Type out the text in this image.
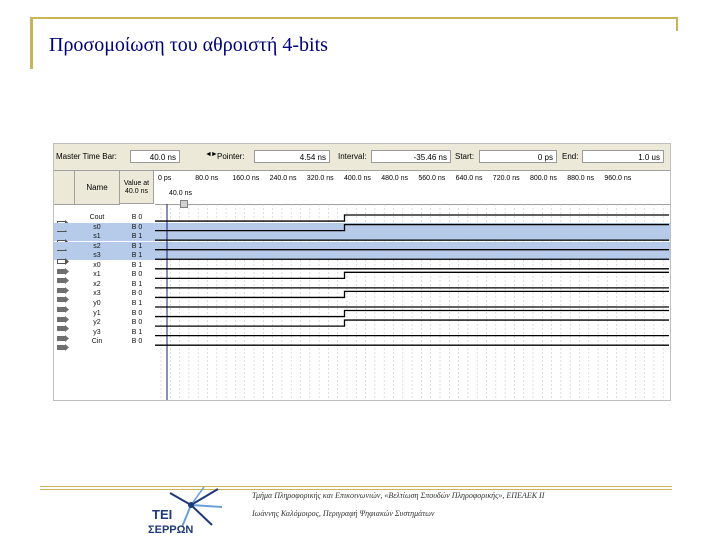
Προσομοίωση του αθροιστή 4-bits
Master Time Bar:	40.0 ns	◄► Pointer:	4.54 ns	Interval:	-35.46 ns	Start:	0 ps	End:	1.0 us
Name	Value at
40.0 ns	40.0 ns
0 ps	80.0 ns 160.0 ns 240.0 ns 320.0 ns 400.0 ns 480.0 ns 560.0 ns 640.0 ns 720.0 ns 800.0 ns 880.0 ns 960.0 ns
Cout	B 0
s0	B 0
s1	B 1
s2	B 1
s3	B 1
x0	B 1
x1	B 0
x2	B 1
x3	B 0
y0	B 1
y1	B 0
y2	B 0
y3	B 1
Cin	B 0
ΤΕΙ
ΣΕΡΡΩΝ
Τμήμα Πληροφορικής και Επικοινωνιών, «Βελτίωση Σπουδών Πληροφορικής», ΕΠΕΑΕΚ ΙΙ
Ιωάννης Καλόμοιρος, Περιγραφή Ψηφιακών Συστημάτων
